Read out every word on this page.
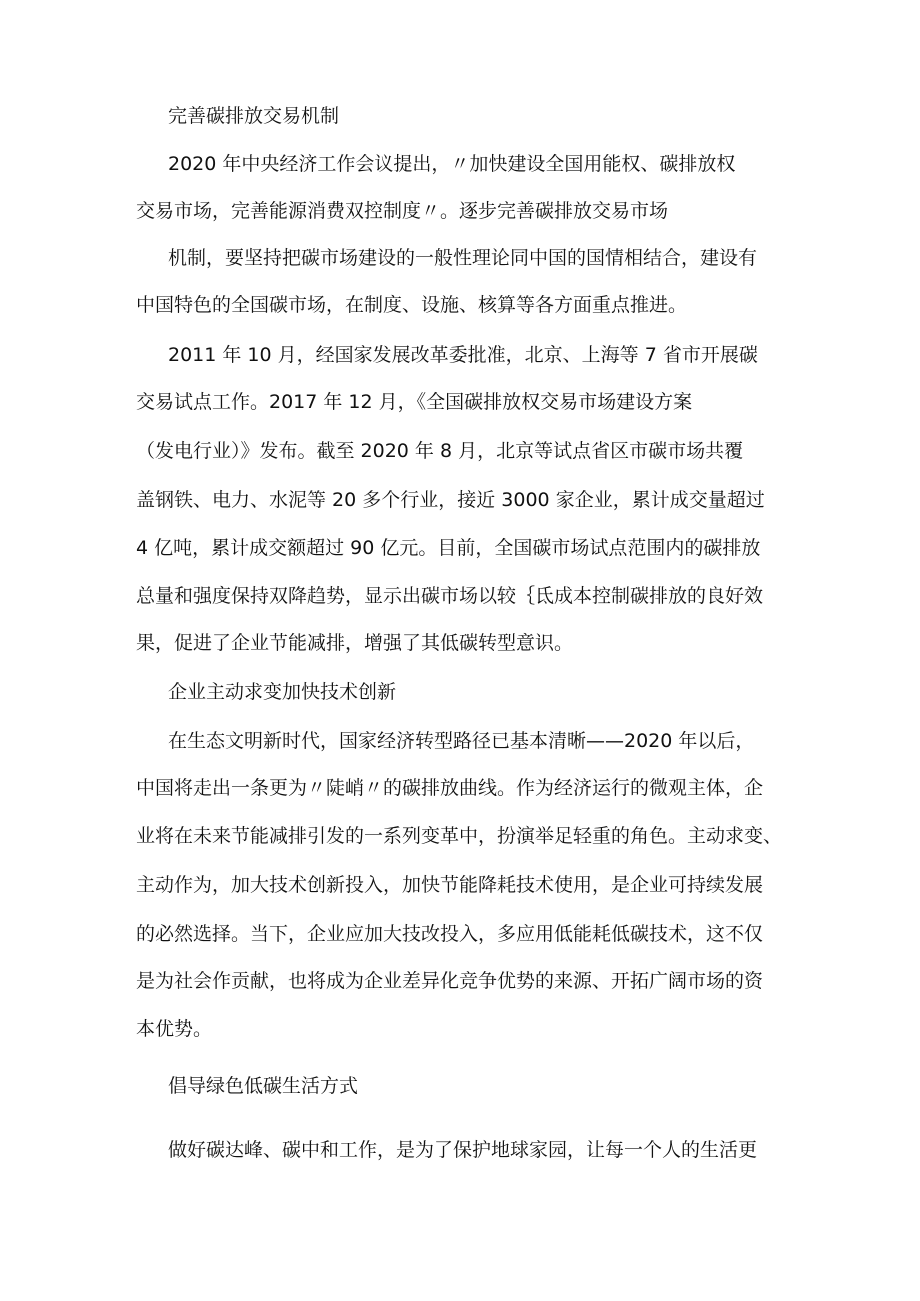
完善碳排放交易机制
2020 年中央经济工作会议提出，〃加快建设全国用能权、碳排放权
交易市场，完善能源消费双控制度〃。逐步完善碳排放交易市场
机制，要坚持把碳市场建设的一般性理论同中国的国情相结合，建设有
中国特色的全国碳市场，在制度、设施、核算等各方面重点推进。
2011 年 10 月，经国家发展改革委批准，北京、上海等 7 省市开展碳
交易试点工作。2017 年 12 月，《全国碳排放权交易市场建设方案
（发电行业）》发布。截至 2020 年 8 月，北京等试点省区市碳市场共覆
盖钢铁、电力、水泥等 20 多个行业，接近 3000 家企业，累计成交量超过
4 亿吨，累计成交额超过 90 亿元。目前，全国碳市场试点范围内的碳排放
总量和强度保持双降趋势，显示出碳市场以较｛氐成本控制碳排放的良好效
果，促进了企业节能减排，增强了其低碳转型意识。
企业主动求变加快技术创新
在生态文明新时代，国家经济转型路径已基本清晰——2020 年以后，
中国将走出一条更为〃陡峭〃的碳排放曲线。作为经济运行的微观主体，企
业将在未来节能减排引发的一系列变革中，扮演举足轻重的角色。主动求变、
主动作为，加大技术创新投入，加快节能降耗技术使用，是企业可持续发展
的必然选择。当下，企业应加大技改投入，多应用低能耗低碳技术，这不仅
是为社会作贡献，也将成为企业差异化竞争优势的来源、开拓广阔市场的资
本优势。
倡导绿色低碳生活方式
做好碳达峰、碳中和工作，是为了保护地球家园，让每一个人的生活更
